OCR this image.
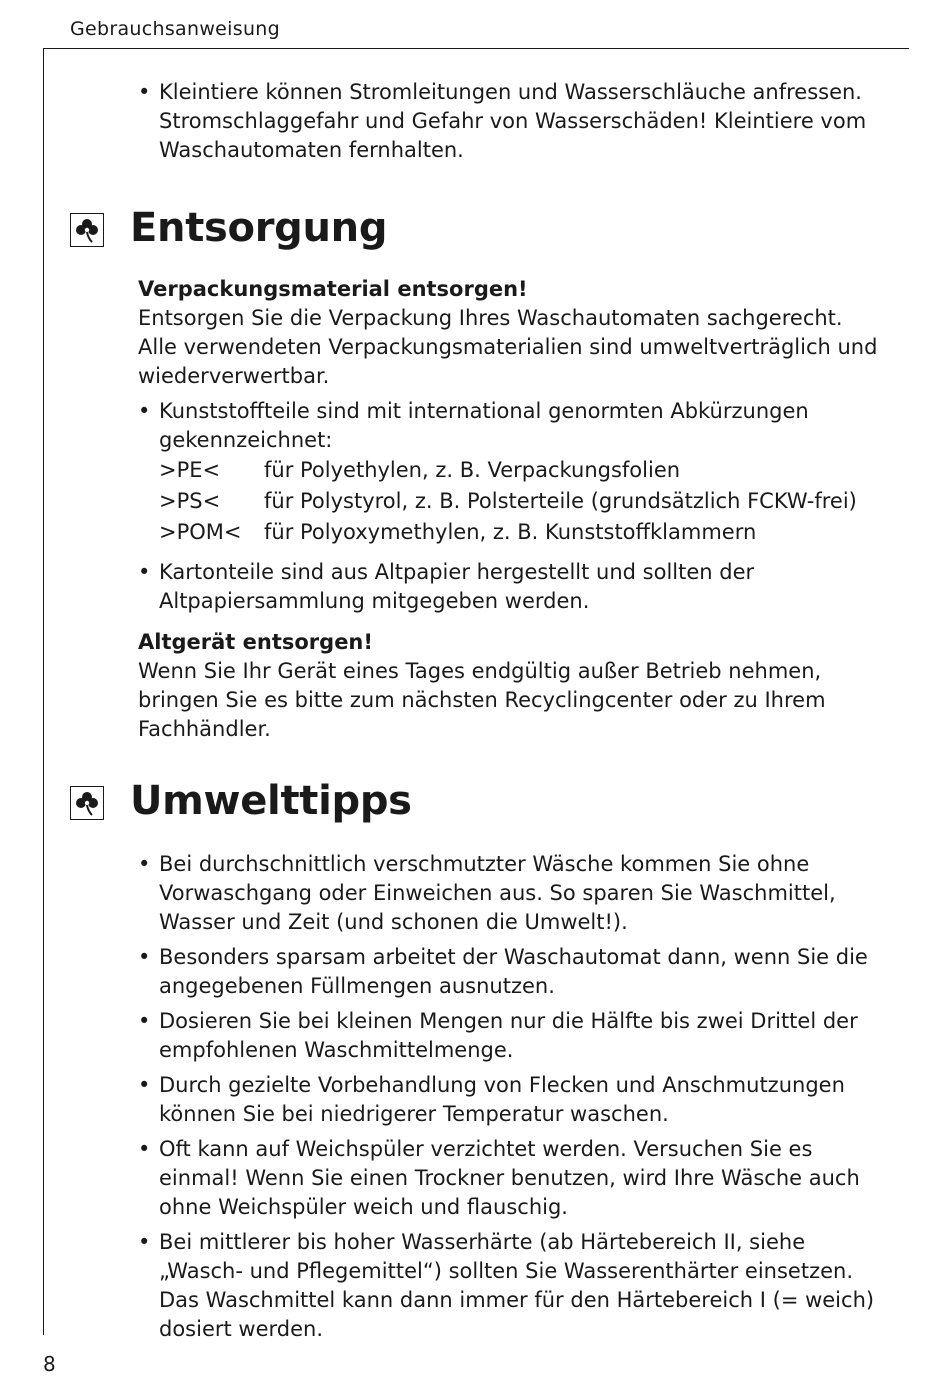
Gebrauchsanweisung

• Kleintiere können Stromleitungen und Wasserschläuche anfressen. Stromschlaggefahr und Gefahr von Wasserschäden! Kleintiere vom Waschautomaten fernhalten.

Entsorgung
Verpackungsmaterial entsorgen!

Entsorgen Sie die Verpackung Ihres Waschautomaten sachgerecht. Alle verwendeten Verpackungsmaterialien sind umweltverträglich und wiederverwertbar.

• Kunststoffteile sind mit international genormten Abkürzungen gekennzeichnet:

>PE<	für Polyethylen, z. B. Verpackungsfolien
>PS<	für Polystyrol, z. B. Polsterteile (grundsätzlich FCKW-frei)
>POM<	für Polyoxymethylen, z. B. Kunststoffklammern

• Kartonteile sind aus Altpapier hergestellt und sollten der Altpapiersammlung mitgegeben werden.

Altgerät entsorgen!

Wenn Sie Ihr Gerät eines Tages endgültig außer Betrieb nehmen, bringen Sie es bitte zum nächsten Recyclingcenter oder zu Ihrem Fachhändler.

Umwelttipps

• Bei durchschnittlich verschmutzter Wäsche kommen Sie ohne Vorwaschgang oder Einweichen aus. So sparen Sie Waschmittel, Wasser und Zeit (und schonen die Umwelt!).

• Besonders sparsam arbeitet der Waschautomat dann, wenn Sie die angegebenen Füllmengen ausnutzen.

• Dosieren Sie bei kleinen Mengen nur die Hälfte bis zwei Drittel der empfohlenen Waschmittelmenge.

• Durch gezielte Vorbehandlung von Flecken und Anschmutzungen können Sie bei niedrigerer Temperatur waschen.

• Oft kann auf Weichspüler verzichtet werden. Versuchen Sie es einmal! Wenn Sie einen Trockner benutzen, wird Ihre Wäsche auch ohne Weichspüler weich und flauschig.

• Bei mittlerer bis hoher Wasserhärte (ab Härtebereich II, siehe „Wasch- und Pflegemittel“) sollten Sie Wasserenthärter einsetzen. Das Waschmittel kann dann immer für den Härtebereich I (= weich) dosiert werden.

8
